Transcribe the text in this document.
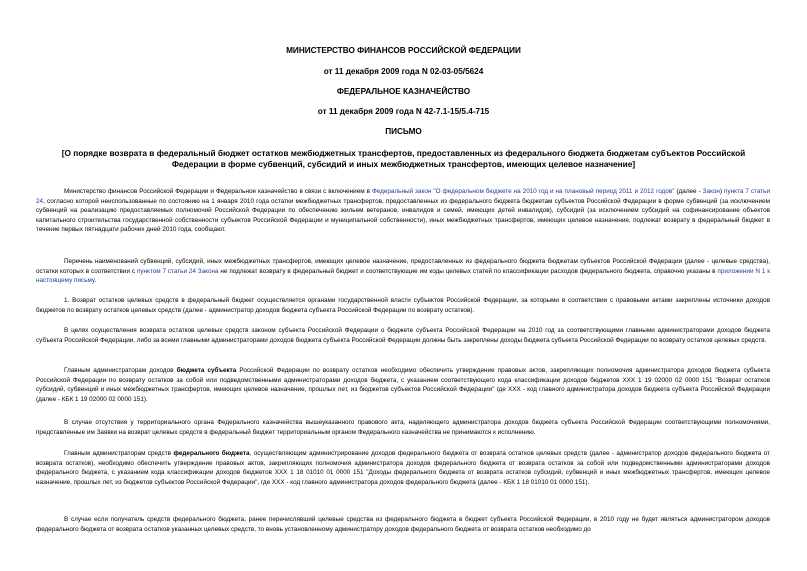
МИНИСТЕРСТВО ФИНАНСОВ РОССИЙСКОЙ ФЕДЕРАЦИИ
от 11 декабря 2009 года N 02-03-05/5624
ФЕДЕРАЛЬНОЕ КАЗНАЧЕЙСТВО
от 11 декабря 2009 года N 42-7.1-15/5.4-715
ПИСЬМО
[О порядке возврата в федеральный бюджет остатков межбюджетных трансфертов, предоставленных из федерального бюджета бюджетам субъектов Российской Федерации в форме субвенций, субсидий и иных межбюджетных трансфертов, имеющих целевое назначение]
Министерство финансов Российской Федерации и Федеральное казначейство в связи с включением в Федеральный закон "О федеральном бюджете на 2010 год и на плановый период 2011 и 2012 годов" (далее - Закон) пункта 7 статьи 24, согласно которой неиспользованные по состоянию на 1 января 2010 года остатки межбюджетных трансфертов, предоставленных из федерального бюджета бюджетам субъектов Российской Федерации в форме субвенций (за исключением субвенций на реализацию предоставляемых полномочий Российской Федерации по обеспечению жильем ветеранов, инвалидов и семей, имеющих детей инвалидов), субсидий (за исключением субсидий на софинансирование объектов капитального строительства государственной собственности субъектов Российской Федерации и муниципальной собственности), иных межбюджетных трансфертов, имеющих целевое назначение, подлежат возврату в федеральный бюджет в течение первых пятнадцати рабочих дней 2010 года, сообщают.
Перечень наименований субвенций, субсидий, иных межбюджетных трансфертов, имеющих целевое назначение, предоставленных из федерального бюджета бюджетам субъектов Российской Федерации (далее - целевые средства), остатки которых в соответствии с пунктом 7 статьи 24 Закона не подлежат возврату в федеральный бюджет и соответствующие им коды целевых статей по классификации расходов федерального бюджета, справочно указаны в приложении N 1 к настоящему письму.
1. Возврат остатков целевых средств в федеральный бюджет осуществляется органами государственной власти субъектов Российской Федерации, за которыми в соответствии с правовыми актами закреплены источники доходов бюджетов по возврату остатков целевых средств (далее - администратор доходов бюджета субъекта Российской Федерации по возврату остатков).
В целях осуществления возврата остатков целевых средств законом субъекта Российской Федерации о бюджете субъекта Российской Федерации на 2010 год за соответствующими главными администраторами доходов бюджета субъекта Российской Федерации, либо за всеми главными администраторами доходов бюджета субъекта Российской Федерации должны быть закреплены доходы бюджета субъекта Российской Федерации по возврату остатков целевых средств.
Главным администраторам доходов бюджета субъекта Российской Федерации по возврату остатков необходимо обеспечить утверждение правовых актов, закрепляющих полномочия администратора доходов бюджета субъекта Российской Федерации по возврату остатков за собой или подведомственными администраторами доходов бюджета, с указанием соответствующего кода классификации доходов бюджетов ХХХ 1 19 02000 02 0000 151 "Возврат остатков субсидий, субвенций и иных межбюджетных трансфертов, имеющих целевое назначение, прошлых лет, из бюджетов субъектов Российской Федерации" где ХХХ - код главного администратора доходов бюджета субъекта Российской Федерации (далее - КБК 1 19 02000 02 0000 151).
В случае отсутствия у территориального органа Федерального казначейства вышеуказанного правового акта, наделяющего администратора доходов бюджета субъекта Российской Федерации соответствующими полномочиями, представленные им Заявки на возврат целевых средств в федеральный бюджет территориальным органом Федерального казначейства не принимаются к исполнению.
Главным администраторам средств федерального бюджета, осуществляющим администрирование доходов федерального бюджета от возврата остатков целевых средств (далее - администратор доходов федерального бюджета от возврата остатков), необходимо обеспечить утверждение правовых актов, закрепляющих полномочия администратора доходов федерального бюджета от возврата остатков за собой или подведомственными администраторами доходов федерального бюджета, с указанием кода классификации доходов бюджетов ХХХ 1 18 01010 01 0000 151 "Доходы федерального бюджета от возврата остатков субсидий, субвенций и иных межбюджетных трансфертов, имеющих целевое назначение, прошлых лет, из бюджетов субъектов Российской Федерации", где ХХХ - код главного администратора доходов федерального бюджета (далее - КБК 1 18 01010 01 0000 151).
В случае если получатель средств федерального бюджета, ранее перечислявший целевые средства из федерального бюджета в бюджет субъекта Российской Федерации, в 2010 году не будет являться администратором доходов федерального бюджета от возврата остатков указанных целевых средств, то вновь установленному администратору доходов федерального бюджета от возврата остатков необходимо до
